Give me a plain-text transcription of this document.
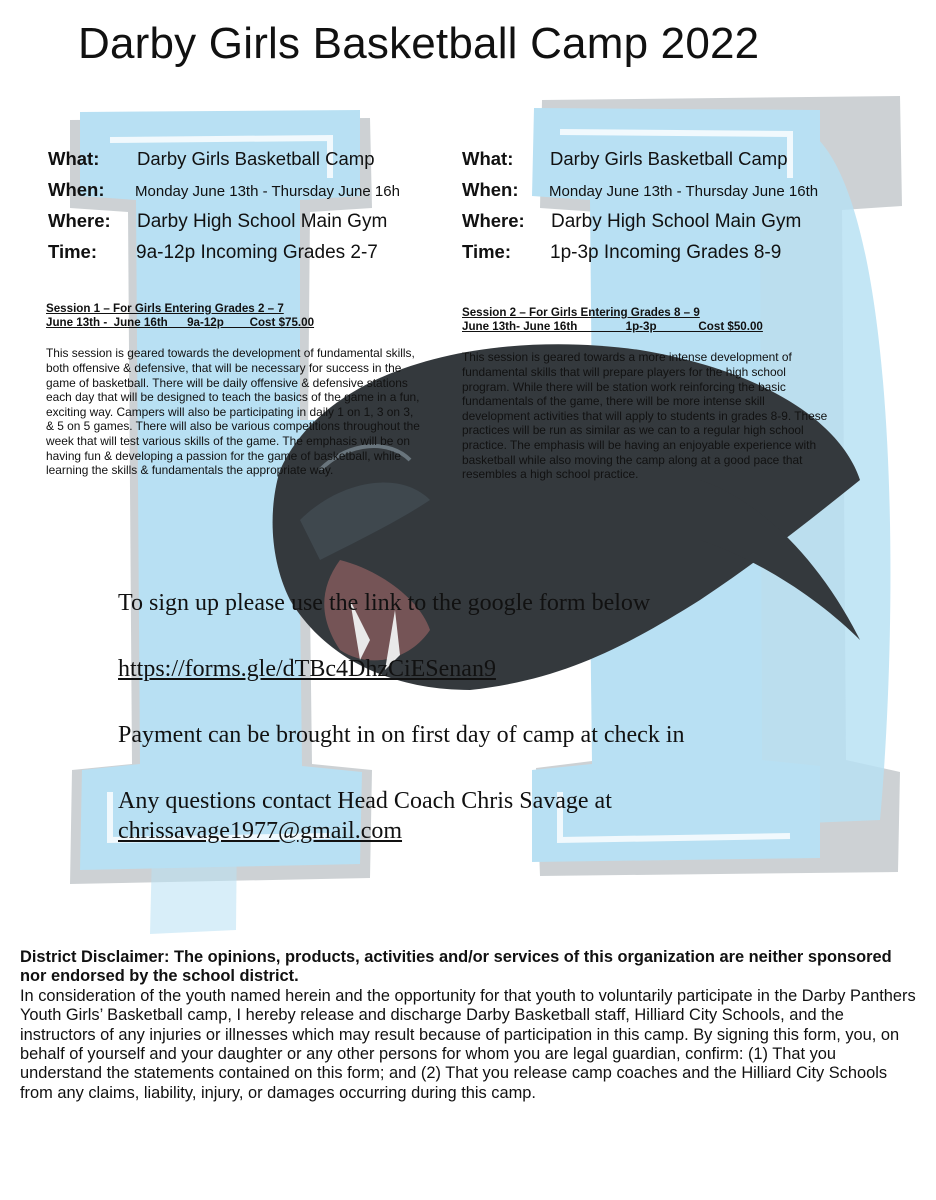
Darby Girls Basketball Camp 2022
What: Darby Girls Basketball Camp
When: Monday June 13th - Thursday June 16h
Where: Darby High School Main Gym
Time: 9a-12p Incoming Grades 2-7
What: Darby Girls Basketball Camp
When: Monday June 13th - Thursday June 16th
Where: Darby High School Main Gym
Time: 1p-3p Incoming Grades 8-9
Session 1 – For Girls Entering Grades 2 – 7
June 13th -  June 16th      9a-12p        Cost $75.00
This session is geared towards the development of fundamental skills, both offensive & defensive, that will be necessary for success in the game of basketball. There will be daily offensive & defensive stations each day that will be designed to teach the basics of the game in a fun, exciting way. Campers will also be participating in daily 1 on 1, 3 on 3, & 5 on 5 games. There will also be various competitions throughout the week that will test various skills of the game. The emphasis will be on having fun & developing a passion for the game of basketball, while learning the skills & fundamentals the appropriate way.
Session 2 – For Girls Entering Grades 8 – 9
June 13th- June 16th               1p-3p             Cost $50.00
This session is geared towards a more intense development of fundamental skills that will prepare players for the high school program. While there will be station work reinforcing the basic fundamentals of the game, there will be more intense skill development activities that will apply to students in grades 8-9. These practices will be run as similar as we can to a regular high school practice. The emphasis will be having an enjoyable experience with basketball while also moving the camp along at a good pace that resembles a high school practice.

To sign up please use the link to the google form below

https://forms.gle/dTBc4DhzCiESenan9

Payment can be brought in on first day of camp at check in

Any questions contact Head Coach Chris Savage at

chrissavage1977@gmail.com

District Disclaimer: The opinions, products, activities and/or services of this organization are neither sponsored nor endorsed by the school district.
In consideration of the youth named herein and the opportunity for that youth to voluntarily participate in the Darby Panthers Youth Girls’ Basketball camp, I hereby release and discharge Darby Basketball staff, Hilliard City Schools, and the instructors of any injuries or illnesses which may result because of participation in this camp. By signing this form, you, on behalf of yourself and your daughter or any other persons for whom you are legal guardian, confirm: (1) That you understand the statements contained on this form; and (2) That you release camp coaches and the Hilliard City Schools from any claims, liability, injury, or damages occurring during this camp.
